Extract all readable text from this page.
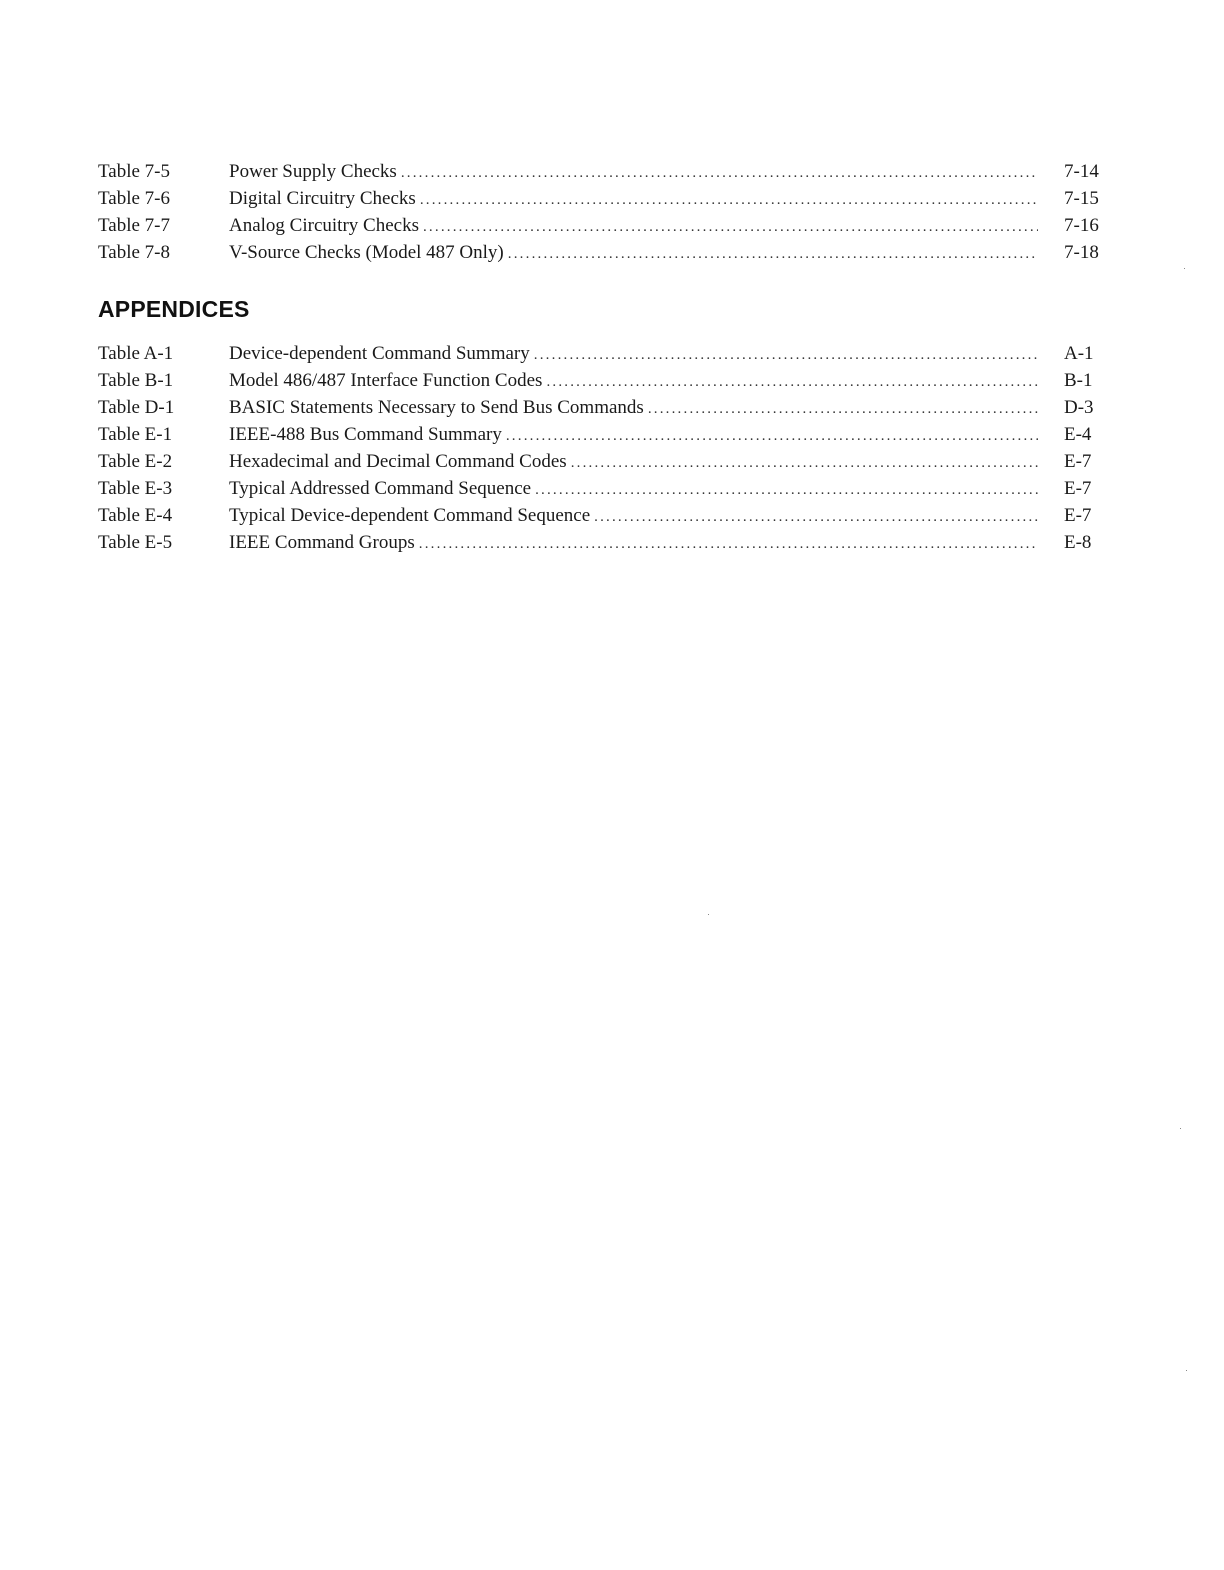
Table 7-5	Power Supply Checks .....	7-14
Table 7-6	Digital Circuitry Checks .....	7-15
Table 7-7	Analog Circuitry Checks .....	7-16
Table 7-8	V-Source Checks (Model 487 Only) .....	7-18
APPENDICES
Table A-1	Device-dependent Command Summary .....	A-1
Table B-1	Model 486/487 Interface Function Codes .....	B-1
Table D-1	BASIC Statements Necessary to Send Bus Commands .....	D-3
Table E-1	IEEE-488 Bus Command Summary .....	E-4
Table E-2	Hexadecimal and Decimal Command Codes .....	E-7
Table E-3	Typical Addressed Command Sequence .....	E-7
Table E-4	Typical Device-dependent Command Sequence .....	E-7
Table E-5	IEEE Command Groups .....	E-8
